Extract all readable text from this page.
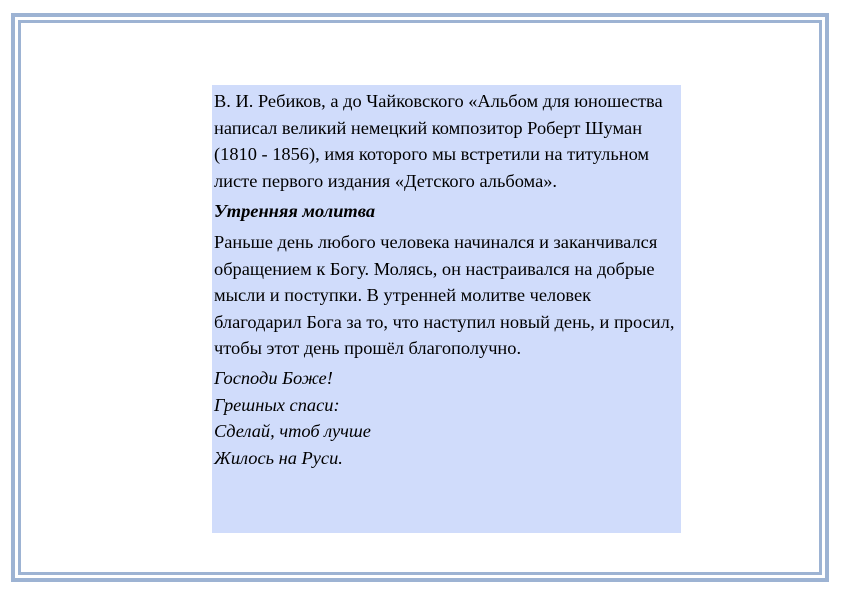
В. И. Ребиков, а до Чайковского «Альбом для юношества написал великий немецкий композитор Роберт Шуман (1810 - 1856), имя которого мы встретили на титульном листе первого издания «Детского альбома».

Утренняя молитва

Раньше день любого человека начинался и заканчивался обращением к Богу. Молясь, он настраивался на добрые мысли и поступки. В утренней молитве человек благодарил Бога за то, что наступил новый день, и просил, чтобы этот день прошёл благополучно.

Господи Боже!

Грешных спаси:

Сделай, чтоб лучше

Жилось на Руси.
